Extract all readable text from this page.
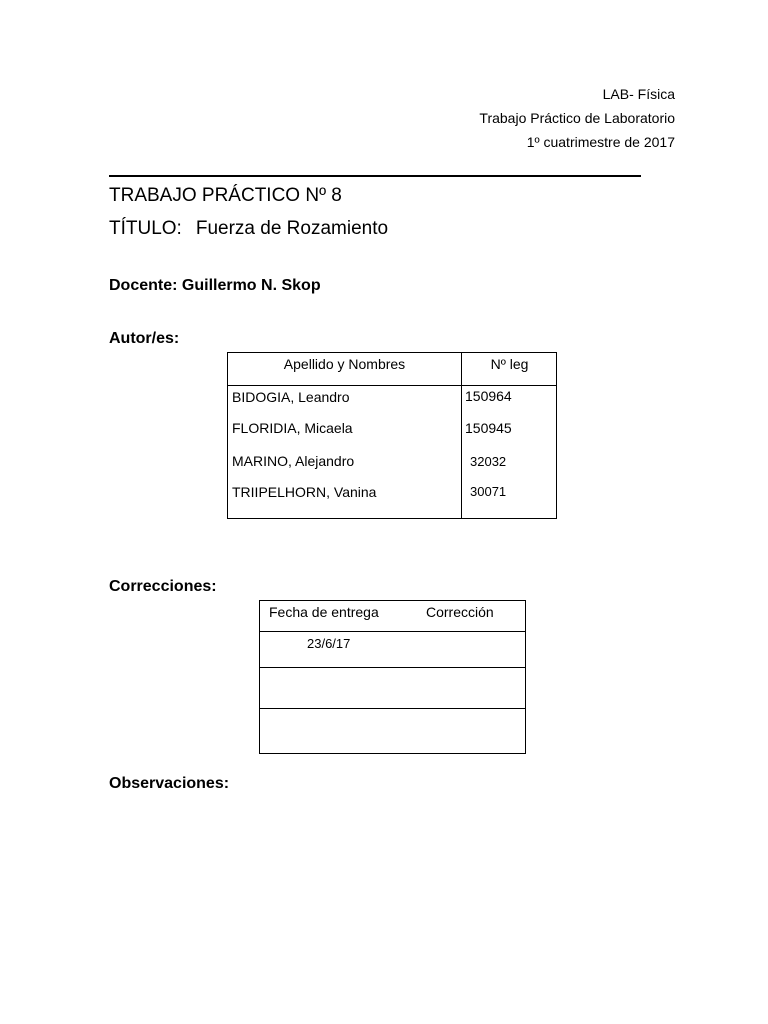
LAB- Física
Trabajo Práctico de Laboratorio
1º cuatrimestre de 2017
TRABAJO PRÁCTICO Nº 8
TÍTULO: Fuerza de Rozamiento
Docente: Guillermo N. Skop
Autor/es:
Apellido y Nombres	Nº leg
BIDOGIA, Leandro	150964
FLORIDIA, Micaela	150945
MARINO, Alejandro	32032
TRIIPELHORN, Vanina	30071
Correcciones:
Fecha de entrega	Corrección
23/6/17
Observaciones:
